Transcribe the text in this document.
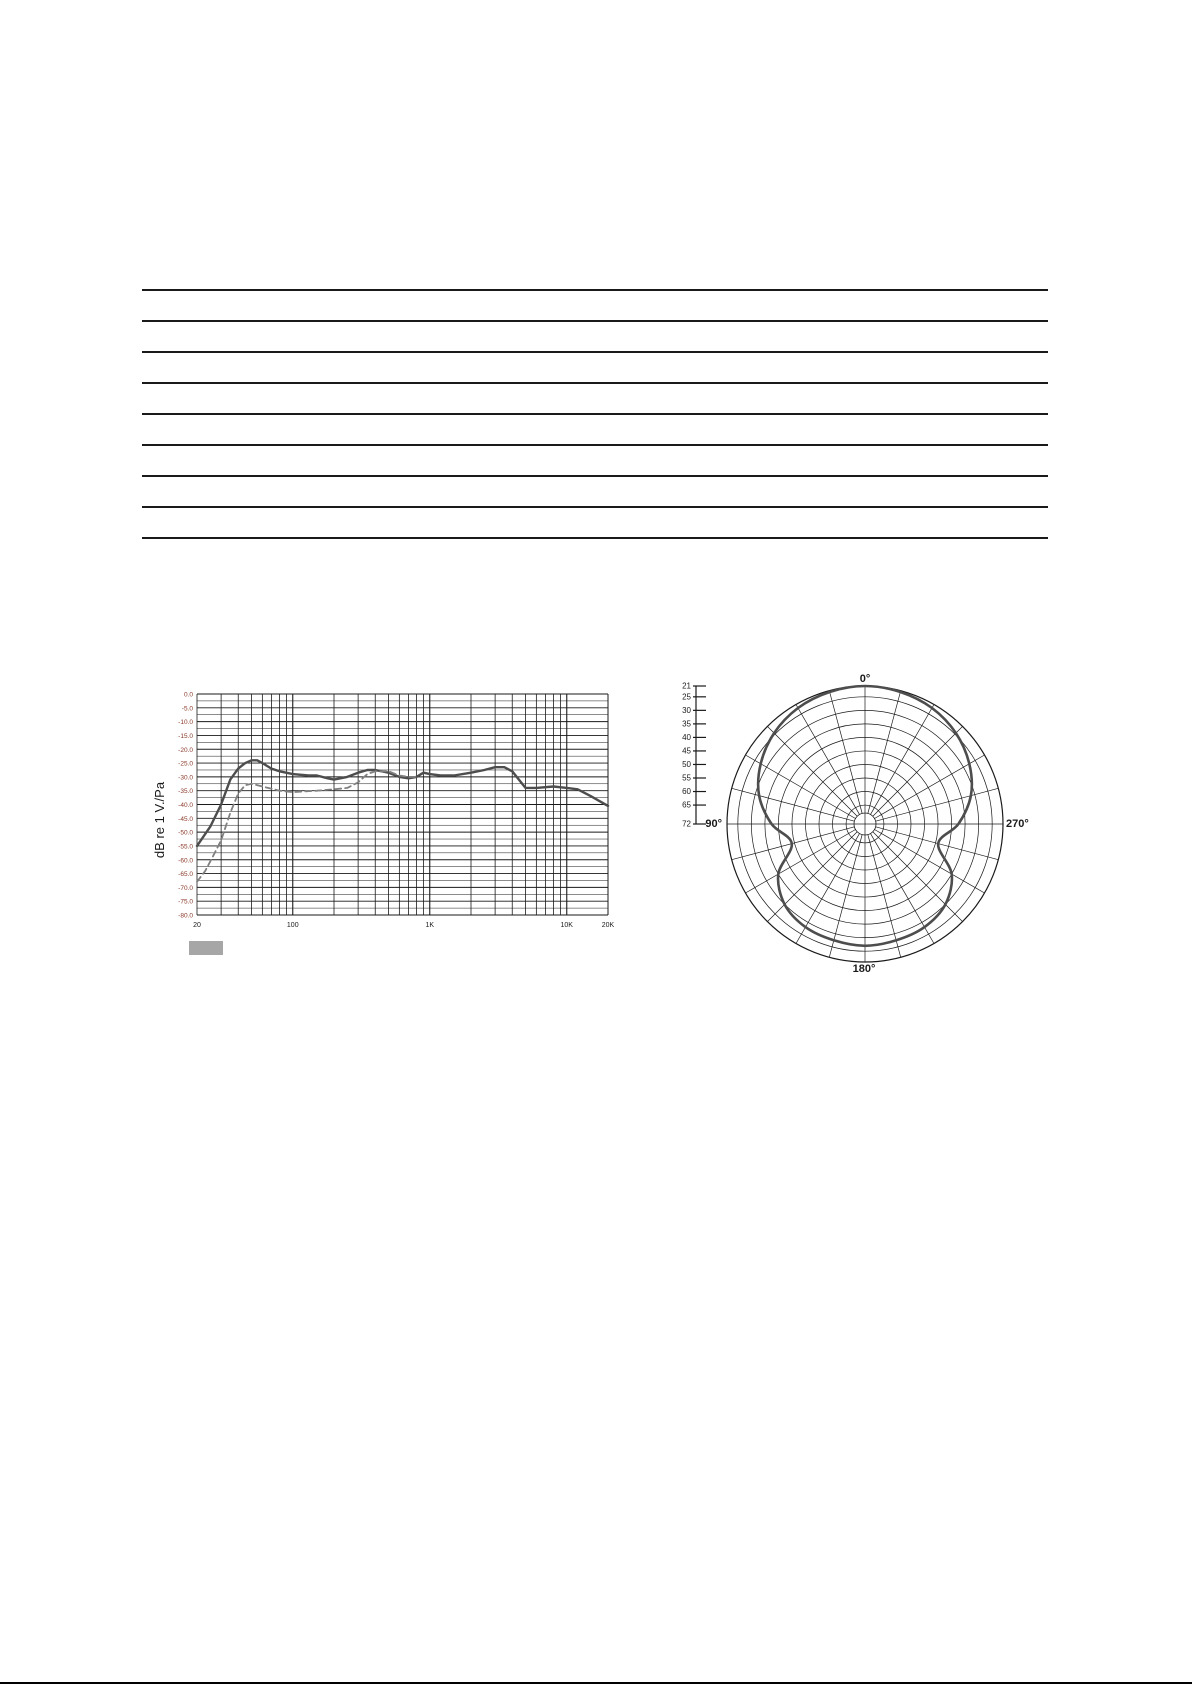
0.0
-5.0
-10.0
-15.0
-20.0
-25.0
-30.0
-35.0
-40.0
-45.0
-50.0
-55.0
-60.0
-65.0
-70.0
-75.0
-80.0
20	100	1K	10K	20K
dB re 1 V./Pa
21
25
30
35
40
45
50
55
60
65
72
0°
90°	270°
180°
